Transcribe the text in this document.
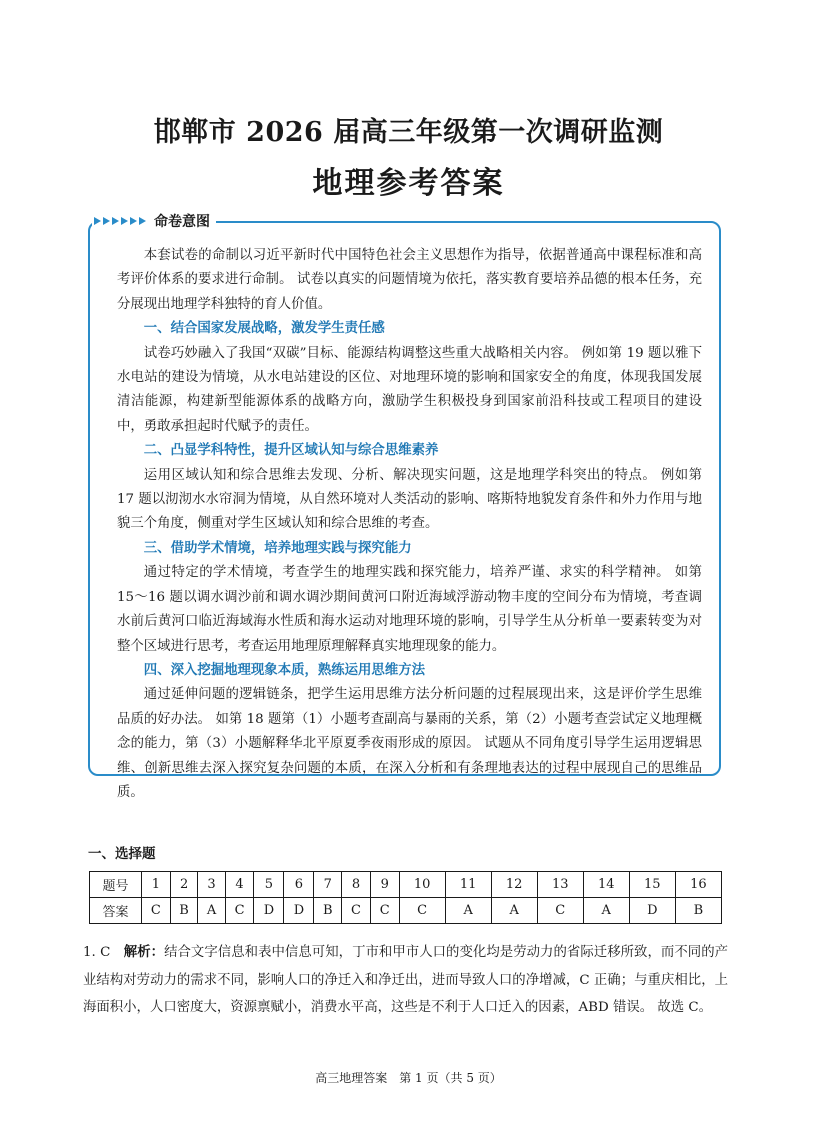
邯郸市 2026 届高三年级第一次调研监测
地理参考答案
命卷意图

本套试卷的命制以习近平新时代中国特色社会主义思想作为指导，依据普通高中课程标准和高考评价体系的要求进行命制。 试卷以真实的问题情境为依托，落实教育要培养品德的根本任务，充分展现出地理学科独特的育人价值。

一、结合国家发展战略，激发学生责任感

试卷巧妙融入了我国“双碳”目标、能源结构调整这些重大战略相关内容。 例如第 19 题以雅下水电站的建设为情境，从水电站建设的区位、对地理环境的影响和国家安全的角度，体现我国发展清洁能源，构建新型能源体系的战略方向，激励学生积极投身到国家前沿科技或工程项目的建设中，勇敢承担起时代赋予的责任。

二、凸显学科特性，提升区域认知与综合思维素养

运用区域认知和综合思维去发现、分析、解决现实问题，这是地理学科突出的特点。 例如第 17 题以沏沏水水帘洞为情境，从自然环境对人类活动的影响、喀斯特地貌发育条件和外力作用与地貌三个角度，侧重对学生区域认知和综合思维的考查。

三、借助学术情境，培养地理实践与探究能力

通过特定的学术情境，考查学生的地理实践和探究能力，培养严谨、求实的科学精神。 如第 15～16 题以调水调沙前和调水调沙期间黄河口附近海域浮游动物丰度的空间分布为情境，考查调水前后黄河口临近海域海水性质和海水运动对地理环境的影响，引导学生从分析单一要素转变为对整个区域进行思考，考查运用地理原理解释真实地理现象的能力。

四、深入挖掘地理现象本质，熟练运用思维方法

通过延伸问题的逻辑链条，把学生运用思维方法分析问题的过程展现出来，这是评价学生思维品质的好办法。 如第 18 题第（1）小题考查副高与暴雨的关系，第（2）小题考查尝试定义地理概念的能力，第（3）小题解释华北平原夏季夜雨形成的原因。 试题从不同角度引导学生运用逻辑思维、创新思维去深入探究复杂问题的本质，在深入分析和有条理地表达的过程中展现自己的思维品质。

一、选择题
题号	1	2	3	4	5	6	7	8	9	10	11	12	13	14	15	16
答案	C	B	A	C	D	D	B	C	C	C	A	A	C	A	D	B
1. C　解析：结合文字信息和表中信息可知，丁市和甲市人口的变化均是劳动力的省际迁移所致，而不同的产业结构对劳动力的需求不同，影响人口的净迁入和净迁出，进而导致人口的净增减，C 正确；与重庆相比，上海面积小，人口密度大，资源禀赋小，消费水平高，这些是不利于人口迁入的因素，ABD 错误。 故选 C。
高三地理答案　第 1 页（共 5 页）
